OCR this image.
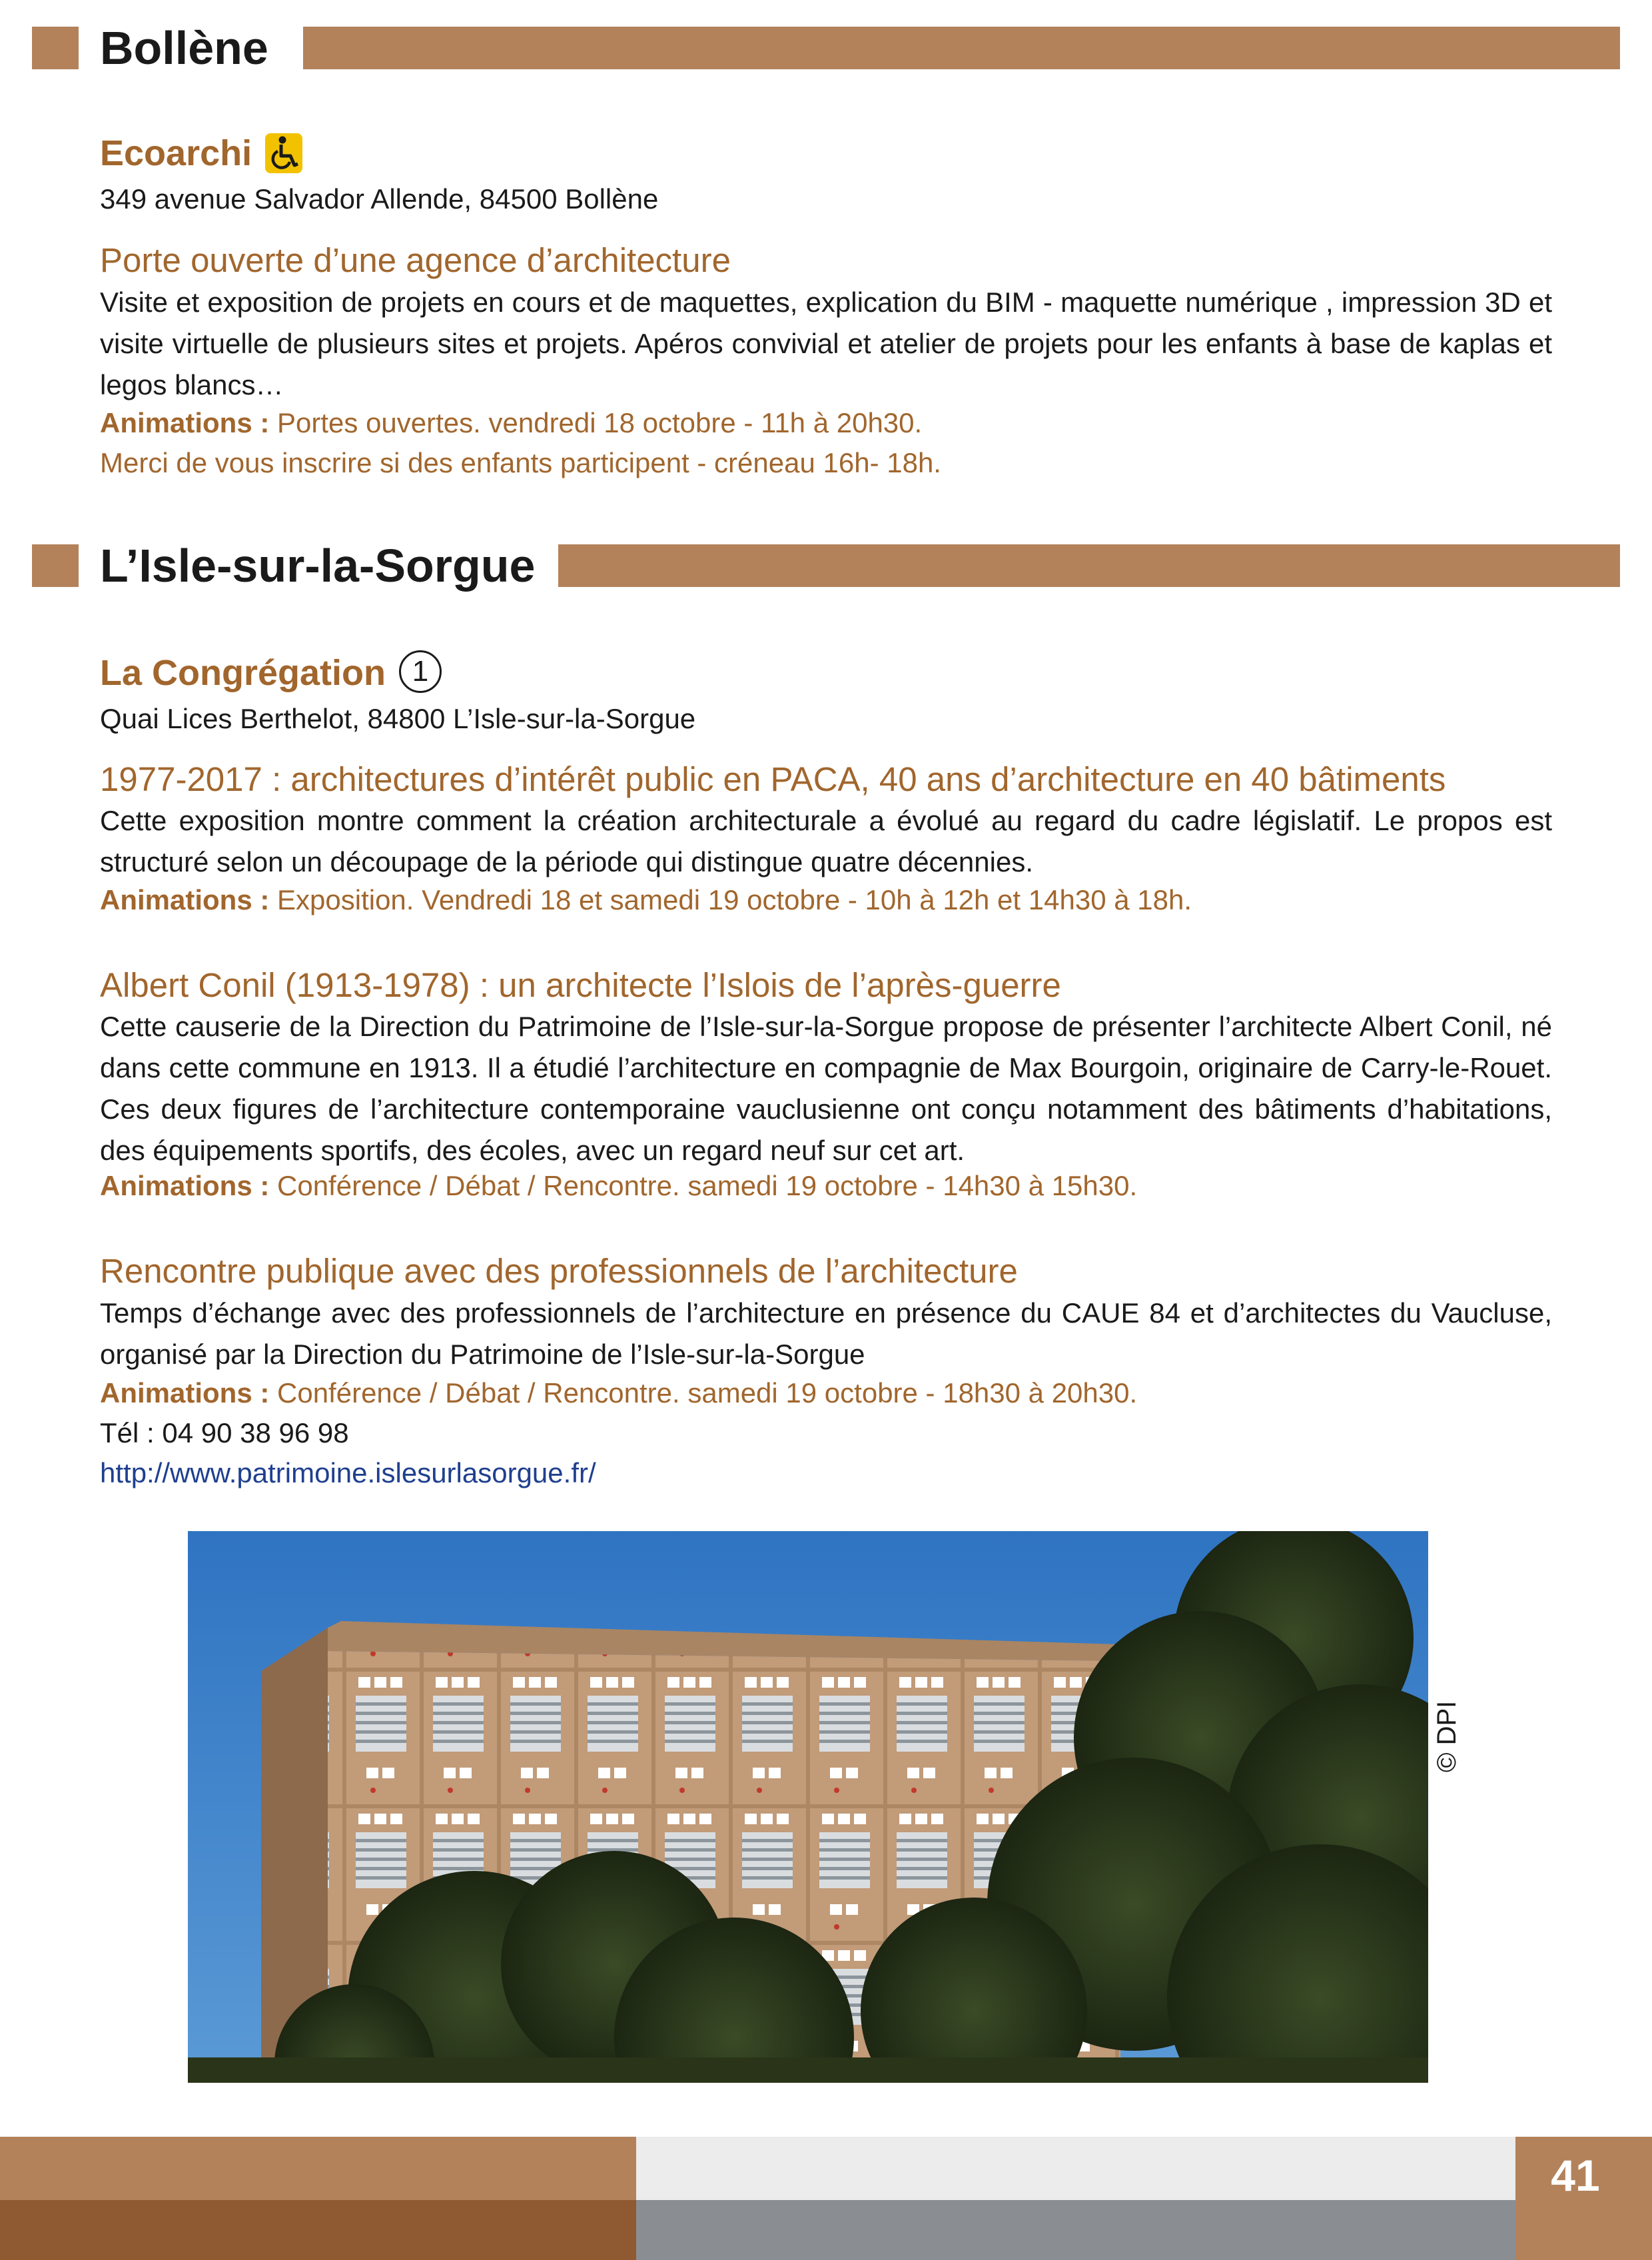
Bollène
Ecoarchi
349 avenue Salvador Allende, 84500 Bollène
Porte ouverte d’une agence d’architecture
Visite et exposition de projets en cours et de maquettes, explication du BIM - maquette numérique , impression 3D et visite virtuelle de plusieurs sites et projets. Apéros convivial et atelier de projets pour les enfants à base de kaplas et legos blancs…
Animations : Portes ouvertes. vendredi 18 octobre - 11h à 20h30.
Merci de vous inscrire si des enfants participent - créneau 16h- 18h.
L’Isle-sur-la-Sorgue
La Congrégation 1
Quai Lices Berthelot, 84800 L’Isle-sur-la-Sorgue
1977-2017 : architectures d’intérêt public en PACA, 40 ans d’architecture en 40 bâtiments
Cette exposition montre comment la création architecturale a évolué au regard du cadre législatif. Le propos est structuré selon un découpage de la période qui distingue quatre décennies.
Animations : Exposition. Vendredi 18 et samedi 19 octobre - 10h à 12h et 14h30 à 18h.
Albert Conil (1913-1978) : un architecte l’Islois de l’après-guerre
Cette causerie de la Direction du Patrimoine de l’Isle-sur-la-Sorgue propose de présenter l’architecte Albert Conil, né dans cette commune en 1913. Il a étudié l’architecture en compagnie de Max Bourgoin, originaire de Carry-le-Rouet. Ces deux figures de l’architecture contemporaine vauclusienne ont conçu notamment des bâtiments d’habitations, des équipements sportifs, des écoles, avec un regard neuf sur cet art.
Animations : Conférence / Débat / Rencontre. samedi 19 octobre - 14h30 à 15h30.
Rencontre publique avec des professionnels de l’architecture
Temps d’échange avec des professionnels de l’architecture en présence du CAUE 84 et d’architectes du Vaucluse, organisé par la Direction du Patrimoine de l’Isle-sur-la-Sorgue
Animations : Conférence / Débat / Rencontre. samedi 19 octobre - 18h30 à 20h30.
Tél : 04 90 38 96 98
http://www.patrimoine.islesurlasorgue.fr/
© DPI
41
